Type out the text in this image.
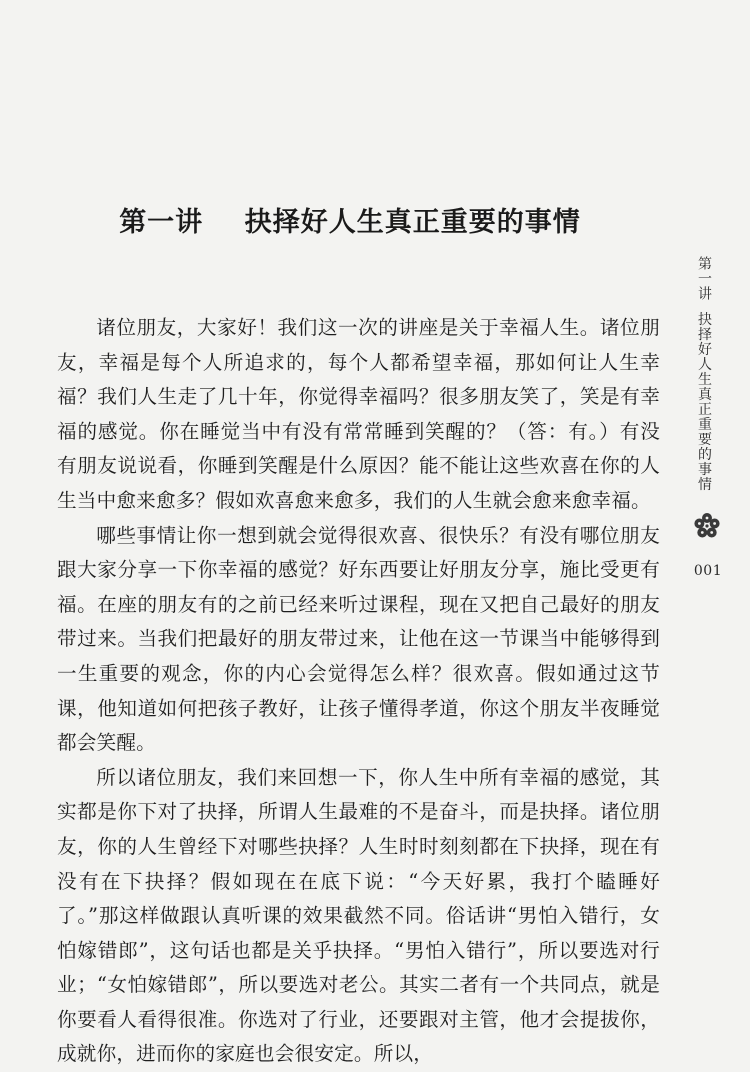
第一讲    抉择好人生真正重要的事情

诸位朋友，大家好！我们这一次的讲座是关于幸福人生。诸位朋友，幸福是每个人所追求的，每个人都希望幸福，那如何让人生幸福？我们人生走了几十年，你觉得幸福吗？很多朋友笑了，笑是有幸福的感觉。你在睡觉当中有没有常常睡到笑醒的？（答：有。）有没有朋友说说看，你睡到笑醒是什么原因？能不能让这些欢喜在你的人生当中愈来愈多？假如欢喜愈来愈多，我们的人生就会愈来愈幸福。

哪些事情让你一想到就会觉得很欢喜、很快乐？有没有哪位朋友跟大家分享一下你幸福的感觉？好东西要让好朋友分享，施比受更有福。在座的朋友有的之前已经来听过课程，现在又把自己最好的朋友带过来。当我们把最好的朋友带过来，让他在这一节课当中能够得到一生重要的观念，你的内心会觉得怎么样？很欢喜。假如通过这节课，他知道如何把孩子教好，让孩子懂得孝道，你这个朋友半夜睡觉都会笑醒。

所以诸位朋友，我们来回想一下，你人生中所有幸福的感觉，其实都是你下对了抉择，所谓人生最难的不是奋斗，而是抉择。诸位朋友，你的人生曾经下对哪些抉择？人生时时刻刻都在下抉择，现在有没有在下抉择？假如现在在底下说：“今天好累，我打个瞌睡好了。”那这样做跟认真听课的效果截然不同。俗话讲“男怕入错行，女怕嫁错郎”，这句话也都是关乎抉择。“男怕入错行”，所以要选对行业；“女怕嫁错郎”，所以要选对老公。其实二者有一个共同点，就是你要看人看得很准。你选对了行业，还要跟对主管，他才会提拔你，成就你，进而你的家庭也会很安定。所以，

第一讲  抉择好人生真正重要的事情
001
